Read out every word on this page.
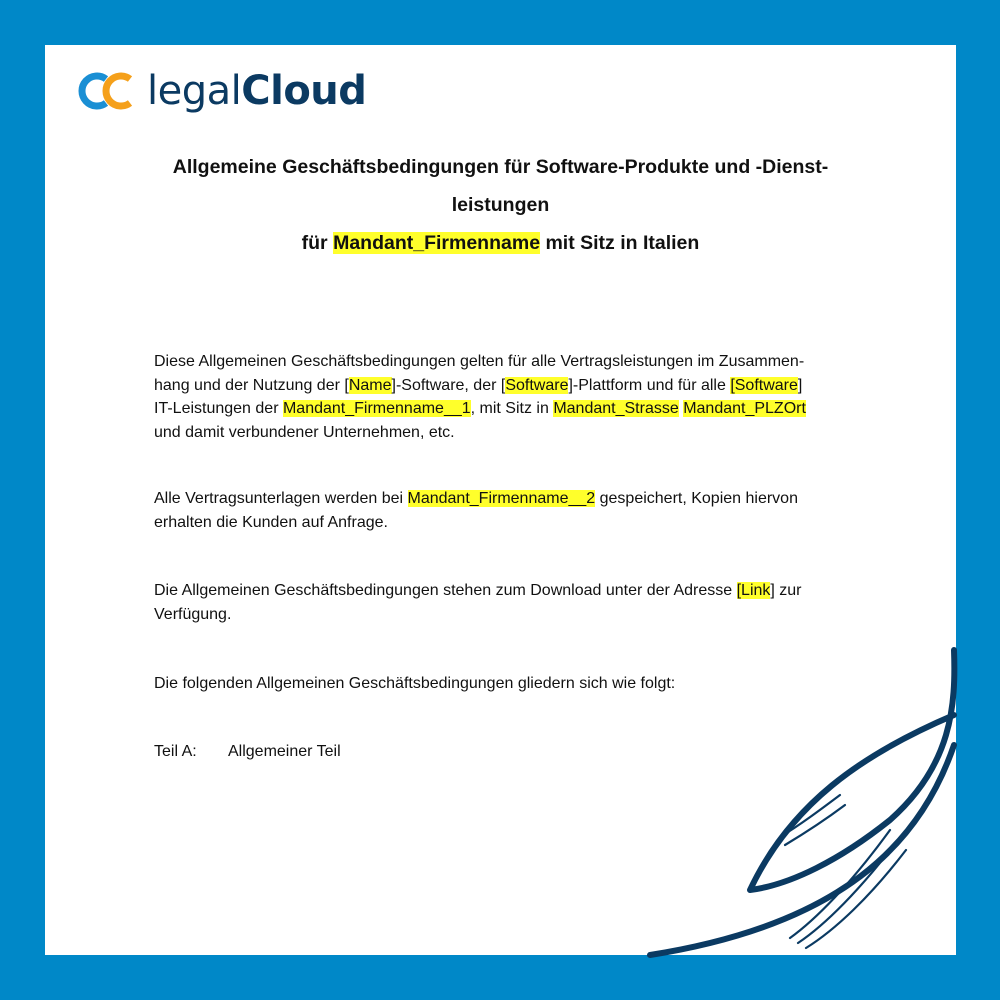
legalCloud
Allgemeine Geschäftsbedingungen für Software-Produkte und -Dienst-
leistungen
für Mandant_Firmenname mit Sitz in Italien
Diese Allgemeinen Geschäftsbedingungen gelten für alle Vertragsleistungen im Zusammen-
hang und der Nutzung der [Name]-Software, der [Software]-Plattform und für alle [Software]
IT-Leistungen der Mandant_Firmenname__1, mit Sitz in Mandant_Strasse Mandant_PLZOrt
und damit verbundener Unternehmen, etc.
Alle Vertragsunterlagen werden bei Mandant_Firmenname__2 gespeichert, Kopien hiervon
erhalten die Kunden auf Anfrage.
Die Allgemeinen Geschäftsbedingungen stehen zum Download unter der Adresse [Link] zur
Verfügung.
Die folgenden Allgemeinen Geschäftsbedingungen gliedern sich wie folgt:
Teil A: Allgemeiner Teil
